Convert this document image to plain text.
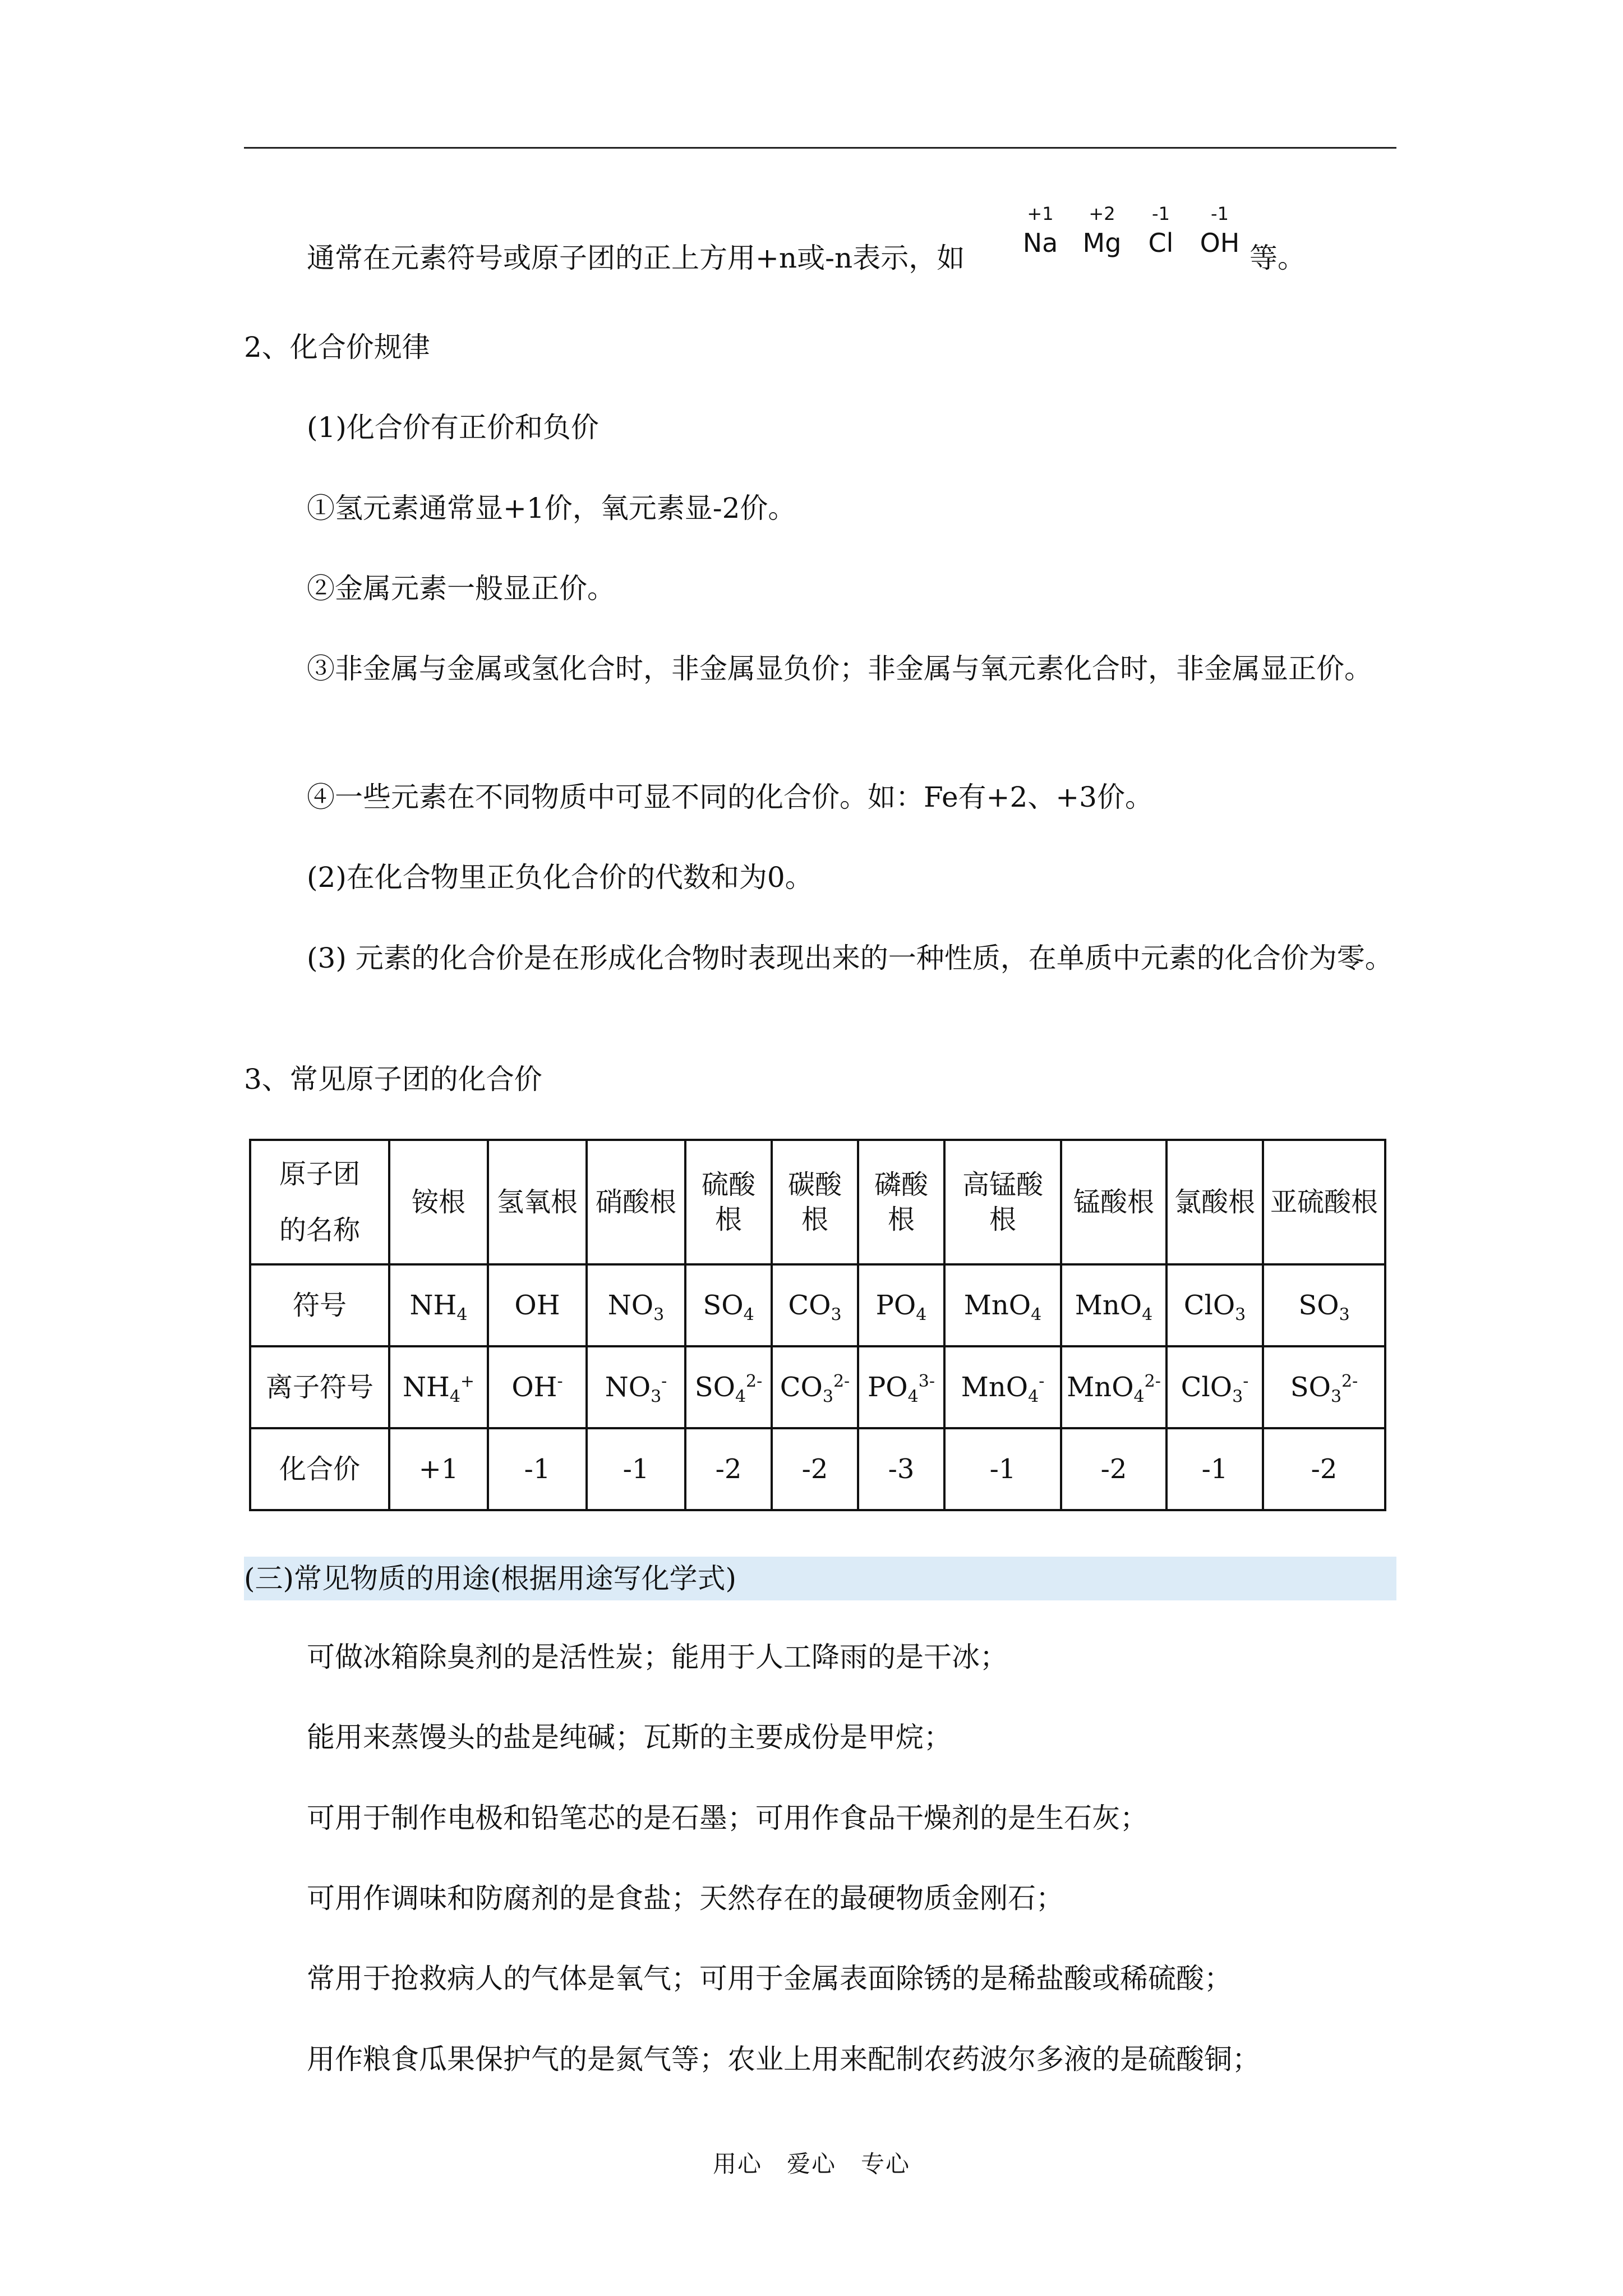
通常在元素符号或原子团的正上方用+n或-n表示，如
+1
Na
+2
Mg
-1
Cl
-1
OH 等。
2、化合价规律
(1)化合价有正价和负价
①氢元素通常显+1价，氧元素显-2价。
②金属元素一般显正价。
③非金属与金属或氢化合时，非金属显负价；非金属与氧元素化合时，非金属显正价。
④一些元素在不同物质中可显不同的化合价。如：Fe有+2、+3价。
(2)在化合物里正负化合价的代数和为0。
(3) 元素的化合价是在形成化合物时表现出来的一种性质，在单质中元素的化合价为零。
3、常见原子团的化合价
原子团的名称	铵根	氢氧根	硝酸根	硫酸根	碳酸根	磷酸根	高锰酸根	锰酸根	氯酸根	亚硫酸根
符号	$NH_4$	OH	$NO_3$	$SO_4$	$CO_3$	$PO_4$	MnO$_4$	MnO$_4$	ClO$_3$	$SO_3$
离子符号	$NH_4^+$	OH-	$NO_3^-$	$SO_4^{2-}$	$CO_3^{2-}$	$PO_4^{3-}$	MnO$_4$-	MnO$_4^{2-}$	ClO$_3$-	$SO_3^{2-}$
化合价	+1	-1	-1	-2	-2	-3	-1	-2	-1	-2
(三)常见物质的用途(根据用途写化学式)
可做冰箱除臭剂的是活性炭；能用于人工降雨的是干冰；
能用来蒸馒头的盐是纯碱；瓦斯的主要成份是甲烷；
可用于制作电极和铅笔芯的是石墨；可用作食品干燥剂的是生石灰；
可用作调味和防腐剂的是食盐；天然存在的最硬物质金刚石；
常用于抢救病人的气体是氧气；可用于金属表面除锈的是稀盐酸或稀硫酸；
用作粮食瓜果保护气的是氮气等；农业上用来配制农药波尔多液的是硫酸铜；
用心　爱心　专心
